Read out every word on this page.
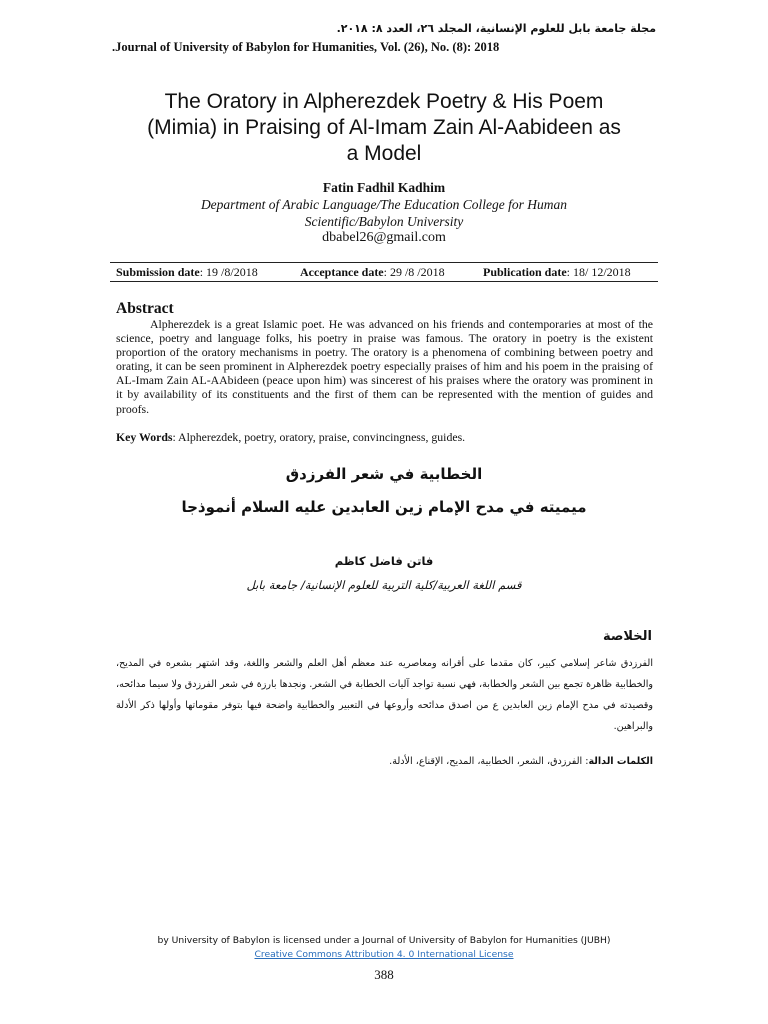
مجلة جامعة بابل للعلوم الإنسانية، المجلد ٢٦، العدد ٨: ٢٠١٨.
.Journal of University of Babylon for Humanities, Vol. (26), No. (8): 2018
The Oratory in Alpherezdek Poetry & His Poem
(Mimia) in Praising of Al-Imam Zain Al-Aabideen as
a Model
Fatin Fadhil Kadhim
Department of Arabic Language/The Education College for Human
Scientific/Babylon University
dbabel26@gmail.com
Submission date: 19 /8/2018	Acceptance date: 29 /8 /2018	Publication date: 18/ 12/2018
Abstract

Alpherezdek is a great Islamic poet. He was advanced on his friends and contemporaries at most of the science, poetry and language folks, his poetry in praise was famous. The oratory in poetry is the existent proportion of the oratory mechanisms in poetry. The oratory is a phenomena of combining between poetry and orating, it can be seen prominent in Alpherezdek poetry especially praises of him and his poem in the praising of AL-Imam Zain AL-AAbideen (peace upon him) was sincerest of his praises where the oratory was prominent in it by availability of its constituents and the first of them can be represented with the mention of guides and proofs.

Key Words: Alpherezdek, poetry, oratory, praise, convincingness, guides.
الخطابية في شعر الفرزدق
ميميته في مدح الإمام زين العابدين عليه السلام أنموذجا
فاتن فاضل كاظم
قسم اللغة العربية/كلية التربية للعلوم الإنسانية/ جامعة بابل
الخلاصة

الفرزدق شاعر إسلامي كبير، كان مقدما على أقرانه ومعاصريه عند معظم أهل العلم والشعر واللغة، وقد اشتهر بشعره في المديح، والخطابية ظاهرة تجمع بين الشعر والخطابة، فهي نسبة تواجد آليات الخطابة في الشعر. ونجدها بارزة في شعر الفرزدق ولا سيما مدائحه، وقصيدته في مدح الإمام زين العابدين ع من اصدق مدائحه وأروعها في التعبير والخطابية واضحة فيها بتوفر مقوماتها وأولها ذكر الأدلة والبراهين.

الكلمات الدالة: الفرزدق، الشعر، الخطابية، المديح، الإقناع، الأدلة.
by University of Babylon is licensed under a Journal of University of Babylon for Humanities (JUBH)
Creative Commons Attribution 4. 0 International License
388
